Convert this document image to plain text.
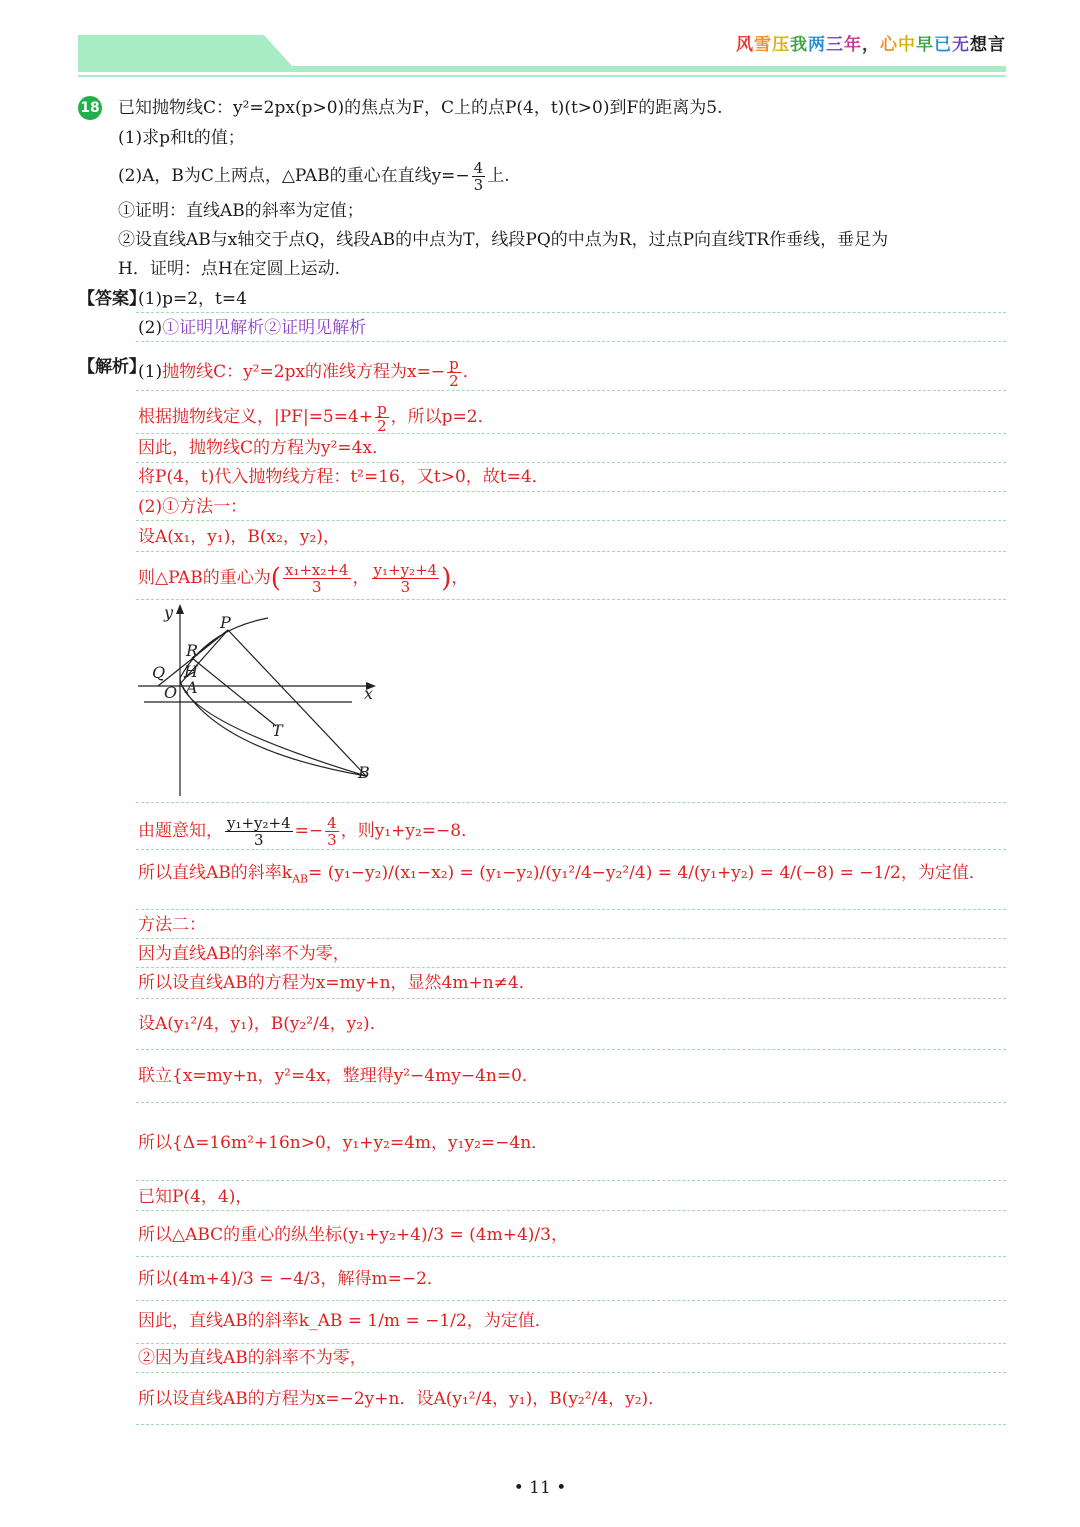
风雪压我两三年，心中早已无想言
18 已知抛物线C：y²=2px(p>0)的焦点为F，C上的点P(4，t)(t>0)到F的距离为5.
(1)求p和t的值；
(2)A，B为C上两点，△PAB的重心在直线$y=- \frac{4}{3}$ 上.
①证明：直线AB的斜率为定值；
②设直线AB与x轴交于点Q，线段AB的中点为T，线段PQ的中点为R，过点P向直线TR作垂线，垂足为
H．证明：点H在定圆上运动.
【答案】
(1)p=2，t=4
(2)①证明见解析②证明见解析
【解析】
(1)抛物线C：y²=2px的准线方程为$x=- \frac{p}{2}$ ．
根据抛物线定义，$|PF|=5=4+ \frac{p}{2}$ ，所以p=2．
因此，抛物线C的方程为y²=4x．
将P(4，t)代入抛物线方程：t²=16，又t>0，故t=4．
(2)①方法一：
设A(x₁，y₁)，B(x₂，y₂)，
则△PAB的重心为( $\frac{\text{x₁+x₂+4}}{3}$ ， $\frac{\text{y₁+y₂+4}}{3}$ )，
y
x
P
R
Q H
O A
T
B
由题意知， $\frac{\text{y₁+y₂+4}}{3} =- \frac{4}{3}$ ，则y₁+y₂=−8．
所以直线AB的斜率$k_{AB}= (y_1-y_2)/(x_1-x_2) = (y_1-y_2)/(y_1^2/4-y_2^2/4) = 4/(y_1+y_2) = 4/(-8) = -1/2$，为定值．
方法二：
因为直线AB的斜率不为零，
所以设直线AB的方程为x=my+n，显然4m+n≠4．
设A(y₁²/4，y₁)，B(y₂²/4，y₂)．
联立{x=my+n，y²=4x，整理得y²−4my−4n=0．
所以{Δ=16m²+16n>0，y₁+y₂=4m，y₁y₂=−4n．
已知P(4，4)，
所以△ABC的重心的纵坐标(y₁+y₂+4)/3 = (4m+4)/3，
所以(4m+4)/3 = −4/3，解得m=−2．
因此，直线AB的斜率k_AB = 1/m = −1/2，为定值．
②因为直线AB的斜率不为零，
所以设直线AB的方程为x=−2y+n．设A(y₁²/4，y₁)，B(y₂²/4，y₂)．
• 11 •
